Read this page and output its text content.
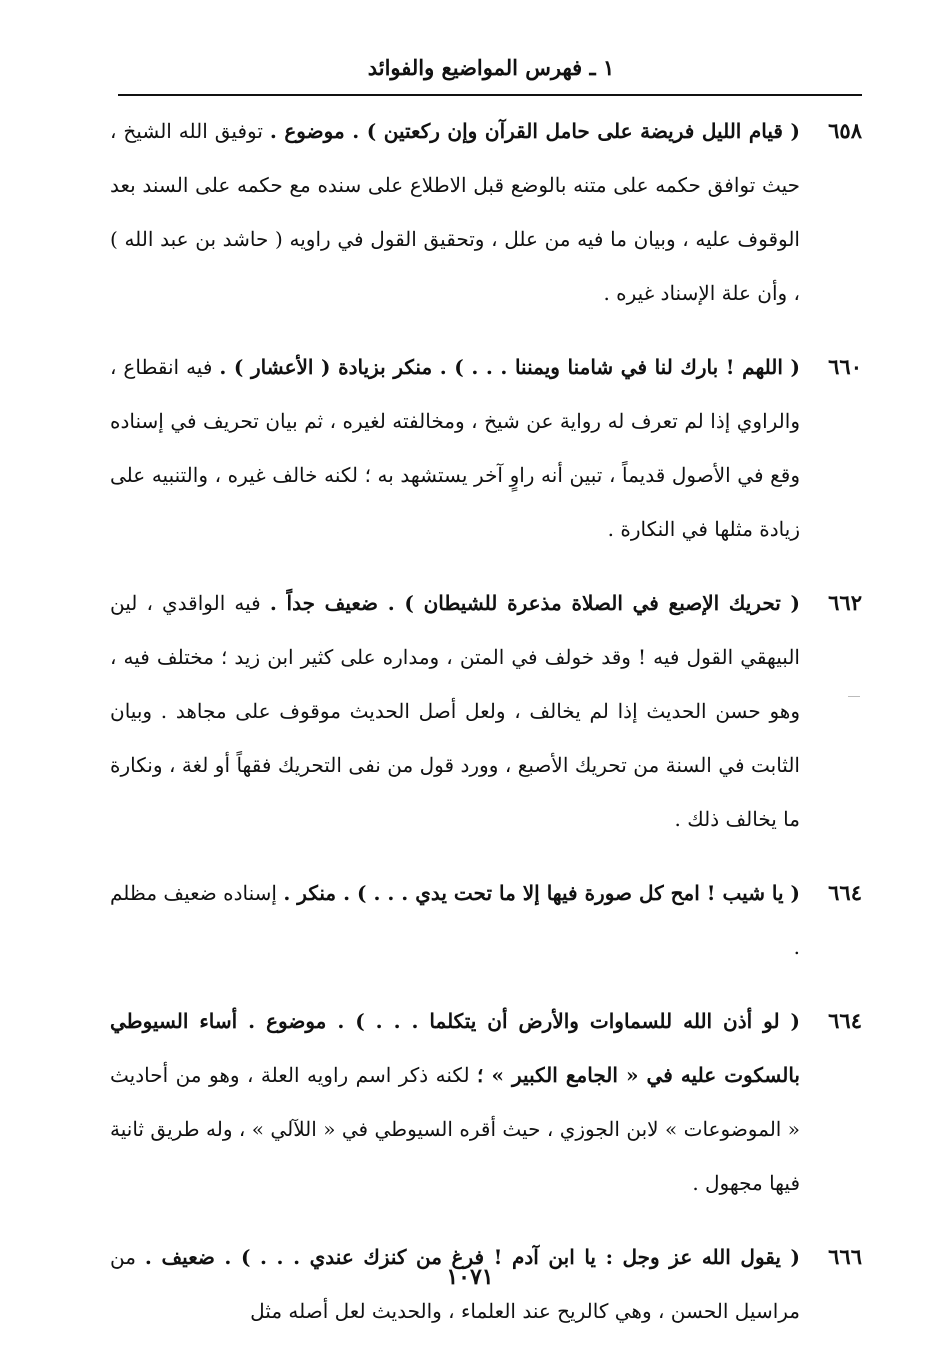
١ ـ فهرس المواضيع والفوائد
٦٥٨
( قيام الليل فريضة على حامل القرآن وإن ركعتين ) . موضوع . توفيق الله الشيخ ، حيث توافق حكمه على متنه بالوضع قبل الاطلاع على سنده مع حكمه على السند بعد الوقوف عليه ، وبيان ما فيه من علل ، وتحقيق القول في راويه ( حاشد بن عبد الله ) ، وأن علة الإسناد غيره .
٦٦٠
( اللهم ! بارك لنا في شامنا ويمننا . . . ) . منكر بزيادة ( الأعشار ) . فيه انقطاع ، والراوي إذا لم تعرف له رواية عن شيخ ، ومخالفته لغيره ، ثم بيان تحريف في إسناده وقع في الأصول قديماً ، تبين أنه راوٍ آخر يستشهد به ؛ لكنه خالف غيره ، والتنبيه على زيادة مثلها في النكارة .
٦٦٢
( تحريك الإصبع في الصلاة مذعرة للشيطان ) . ضعيف جداً . فيه الواقدي ، لين البيهقي القول فيه ! وقد خولف في المتن ، ومداره على كثير ابن زيد ؛ مختلف فيه ، وهو حسن الحديث إذا لم يخالف ، ولعل أصل الحديث موقوف على مجاهد . وبيان الثابت في السنة من تحريك الأصبع ، وورد قول من نفى التحريك فقهاً أو لغة ، ونكارة ما يخالف ذلك .
٦٦٤
( يا شيب ! امح كل صورة فيها إلا ما تحت يدي . . . ) . منكر . إسناده ضعيف مظلم .
٦٦٤
( لو أذن الله للسماوات والأرض أن يتكلما . . . ) . موضوع . أساء السيوطي بالسكوت عليه في « الجامع الكبير » ؛ لكنه ذكر اسم راويه العلة ، وهو من أحاديث « الموضوعات » لابن الجوزي ، حيث أقره السيوطي في « اللآلي » ، وله طريق ثانية فيها مجهول .
٦٦٦
( يقول الله عز وجل : يا ابن آدم ! فرغ من كنزك عندي . . . ) . ضعيف . من مراسيل الحسن ، وهي كالريح عند العلماء ، والحديث لعل أصله مثل
١٠٧١
